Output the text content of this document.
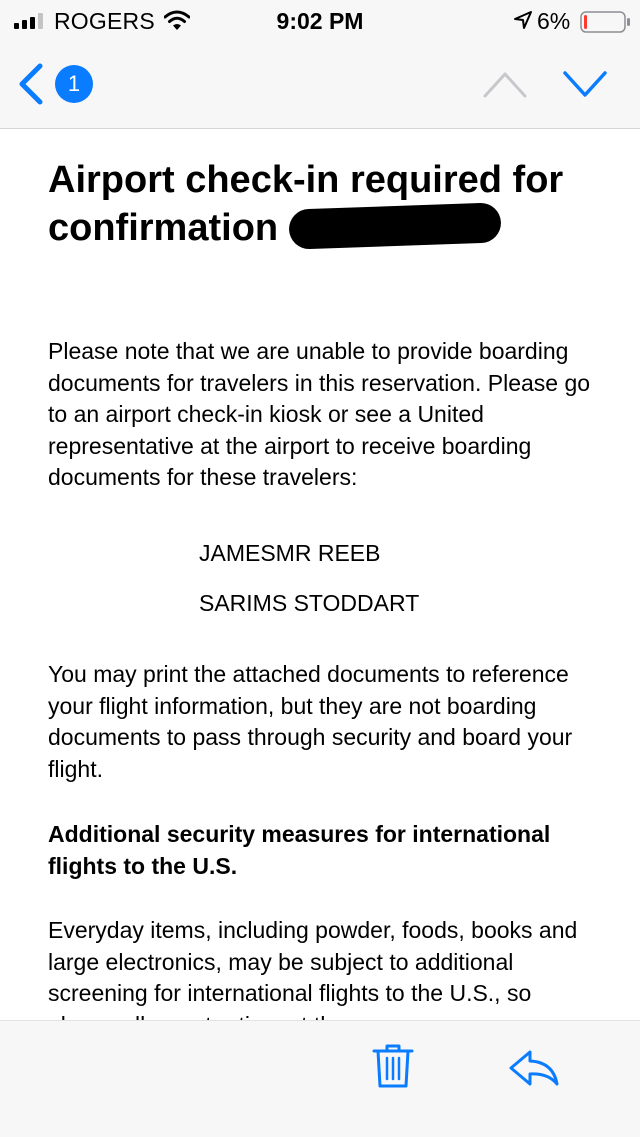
ROGERS	9:02 PM	6%
1
Airport check-in required for confirmation

Please note that we are unable to provide boarding documents for travelers in this reservation. Please go to an airport check-in kiosk or see a United representative at the airport to receive boarding documents for these travelers:

JAMESMR REEB
SARIMS STODDART

You may print the attached documents to reference your flight information, but they are not boarding documents to pass through security and board your flight.

Additional security measures for international flights to the U.S.

Everyday items, including powder, foods, books and large electronics, may be subject to additional screening for international flights to the U.S., so
